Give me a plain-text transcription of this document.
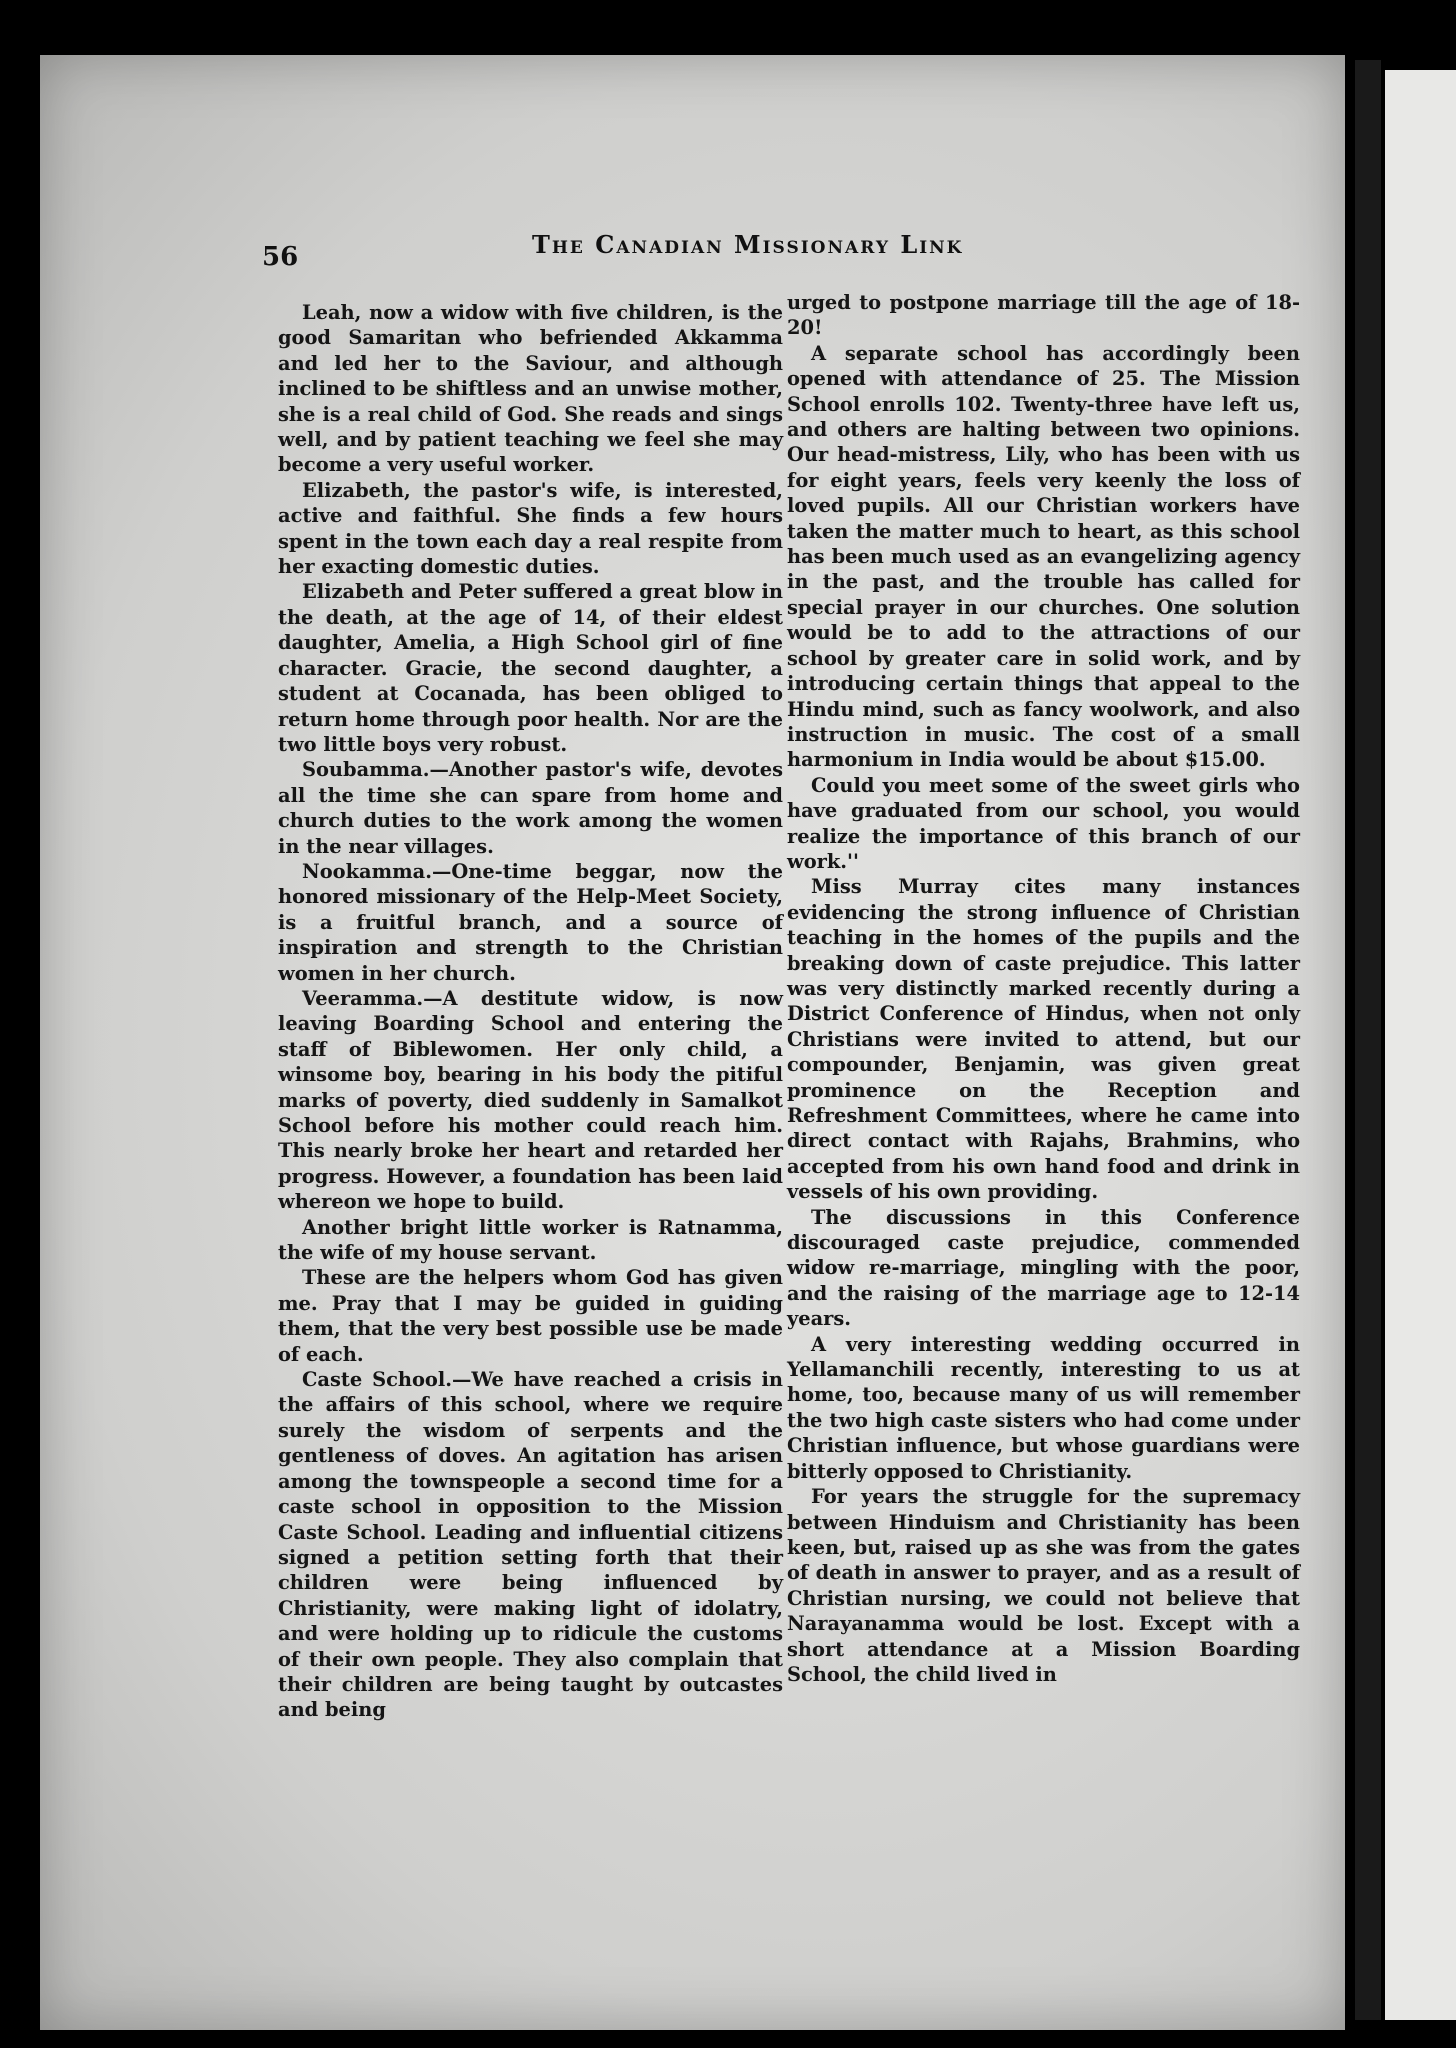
56	The Canadian Missionary Link

Leah, now a widow with five children, is the good Samaritan who befriended Akkamma and led her to the Saviour, and although inclined to be shiftless and an unwise mother, she is a real child of God. She reads and sings well, and by patient teaching we feel she may become a very useful worker.

Elizabeth, the pastor's wife, is interested, active and faithful. She finds a few hours spent in the town each day a real respite from her exacting domestic duties.

Elizabeth and Peter suffered a great blow in the death, at the age of 14, of their eldest daughter, Amelia, a High School girl of fine character. Gracie, the second daughter, a student at Cocanada, has been obliged to return home through poor health. Nor are the two little boys very robust.

Soubamma.—Another pastor's wife, devotes all the time she can spare from home and church duties to the work among the women in the near villages.

Nookamma.—One-time beggar, now the honored missionary of the Help-Meet Society, is a fruitful branch, and a source of inspiration and strength to the Christian women in her church.

Veeramma.—A destitute widow, is now leaving Boarding School and entering the staff of Biblewomen. Her only child, a winsome boy, bearing in his body the pitiful marks of poverty, died suddenly in Samalkot School before his mother could reach him. This nearly broke her heart and retarded her progress. However, a foundation has been laid whereon we hope to build.

Another bright little worker is Ratnamma, the wife of my house servant.

These are the helpers whom God has given me. Pray that I may be guided in guiding them, that the very best possible use be made of each.

Caste School.—We have reached a crisis in the affairs of this school, where we require surely the wisdom of serpents and the gentleness of doves. An agitation has arisen among the townspeople a second time for a caste school in opposition to the Mission Caste School. Leading and influential citizens signed a petition setting forth that their children were being influenced by Christianity, were making light of idolatry, and were holding up to ridicule the customs of their own people. They also complain that their children are being taught by outcastes and being

urged to postpone marriage till the age of 18-20!

A separate school has accordingly been opened with attendance of 25. The Mission School enrolls 102. Twenty-three have left us, and others are halting between two opinions. Our head-mistress, Lily, who has been with us for eight years, feels very keenly the loss of loved pupils. All our Christian workers have taken the matter much to heart, as this school has been much used as an evangelizing agency in the past, and the trouble has called for special prayer in our churches. One solution would be to add to the attractions of our school by greater care in solid work, and by introducing certain things that appeal to the Hindu mind, such as fancy woolwork, and also instruction in music. The cost of a small harmonium in India would be about $15.00.

Could you meet some of the sweet girls who have graduated from our school, you would realize the importance of this branch of our work.''

Miss Murray cites many instances evidencing the strong influence of Christian teaching in the homes of the pupils and the breaking down of caste prejudice. This latter was very distinctly marked recently during a District Conference of Hindus, when not only Christians were invited to attend, but our compounder, Benjamin, was given great prominence on the Reception and Refreshment Committees, where he came into direct contact with Rajahs, Brahmins, who accepted from his own hand food and drink in vessels of his own providing.

The discussions in this Conference discouraged caste prejudice, commended widow re-marriage, mingling with the poor, and the raising of the marriage age to 12-14 years.

A very interesting wedding occurred in Yellamanchili recently, interesting to us at home, too, because many of us will remember the two high caste sisters who had come under Christian influence, but whose guardians were bitterly opposed to Christianity.

For years the struggle for the supremacy between Hinduism and Christianity has been keen, but, raised up as she was from the gates of death in answer to prayer, and as a result of Christian nursing, we could not believe that Narayanamma would be lost. Except with a short attendance at a Mission Boarding School, the child lived in
